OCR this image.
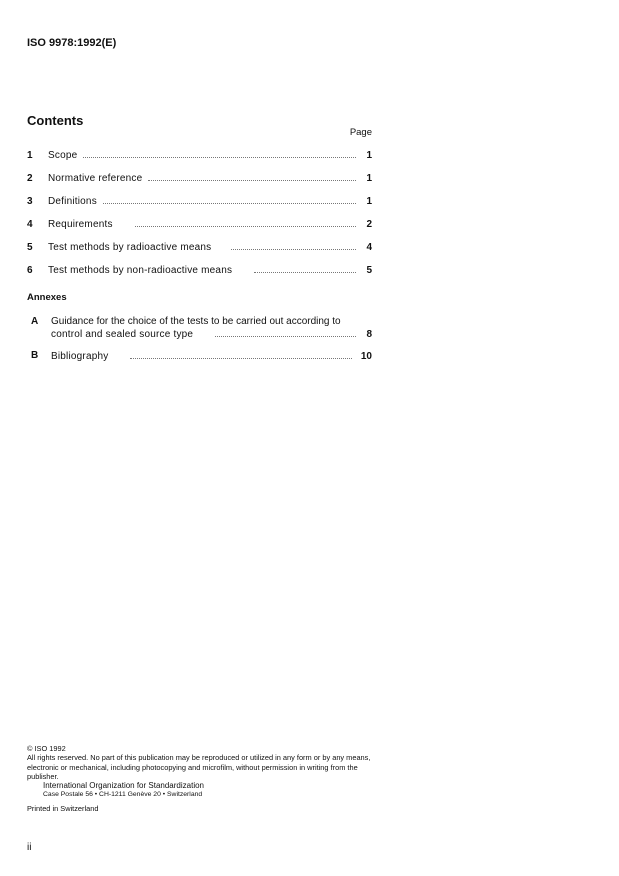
ISO 9978:1992(E)
Contents
Page
1	Scope	1
2	Normative reference	1
3	Definitions	1
4	Requirements	2
5	Test methods by radioactive means	4
6	Test methods by non-radioactive means	5
Annexes
A	Guidance for the choice of the tests to be carried out according to
control and sealed source type	8
B	Bibliography	10
© ISO 1992
All rights reserved. No part of this publication may be reproduced or utilized in any form or by any means, electronic or mechanical, including photocopying and microfilm, without permission in writing from the publisher.
International Organization for Standardization
Case Postale 56 • CH-1211 Genève 20 • Switzerland
Printed in Switzerland
ii
